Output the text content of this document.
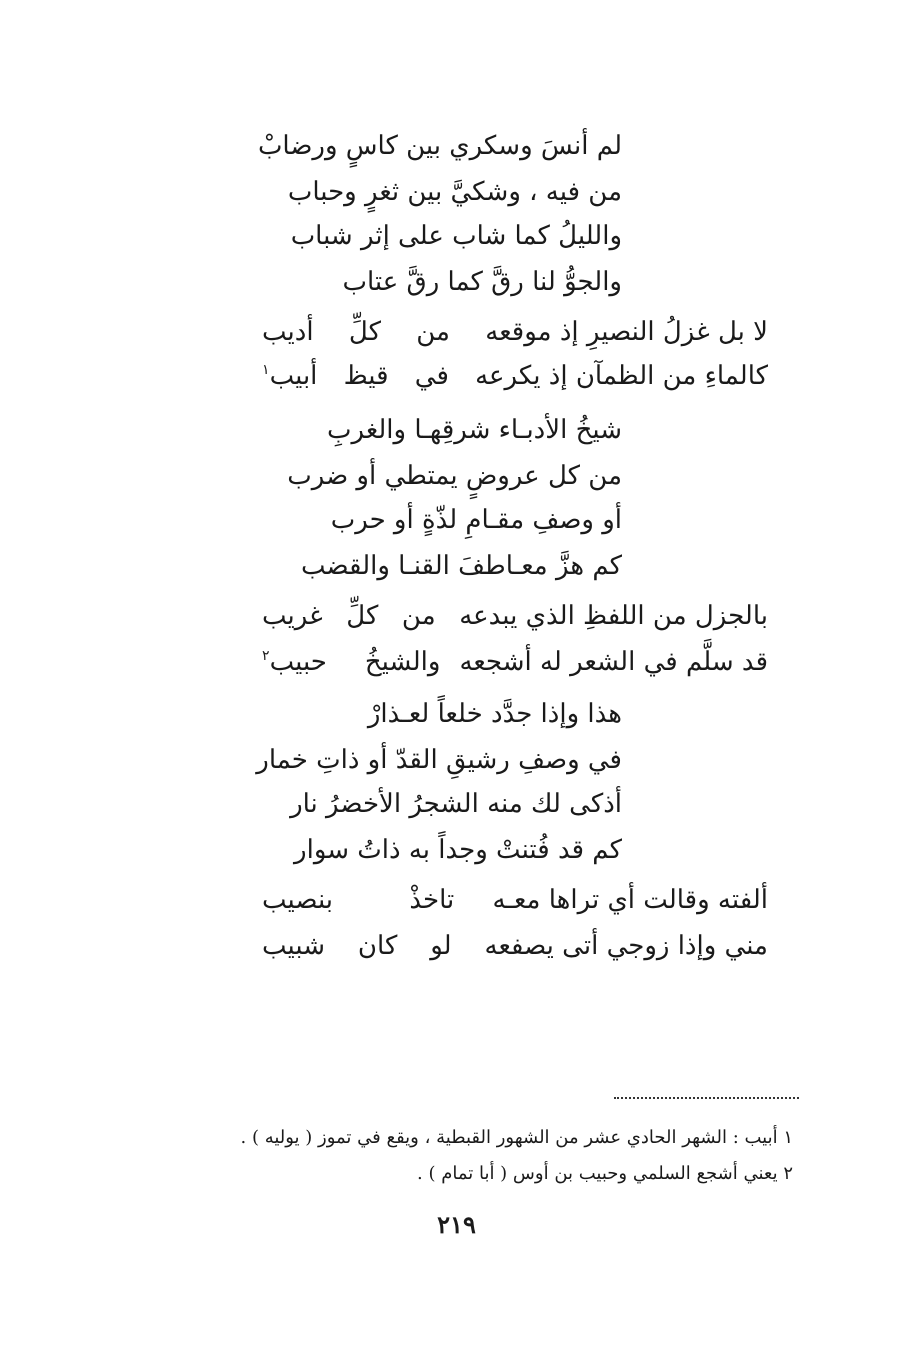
لم أنسَ وسكري بين كاسٍ ورضابْ
من فيه ، وشكيَّ بين ثغرٍ وحباب
والليلُ كما شاب على إثر شباب
والجوُّ لنا رقَّ كما رقَّ عتاب
لا بل غزلُ النصيرِ إذ موقعه
من
كلِّ
أديب
كالماءِ من الظمآن إذ يكرعه
في
قيظ
أبيب١
شيخُ الأدبـاء شرقِهـا والغربِ
من كل عروضٍ يمتطي أو ضرب
أو وصفِ مقـامِ لذّةٍ أو حرب
كم هزَّ معـاطفَ القنـا والقضب
بالجزل من اللفظِ الذي يبدعه
من
كلِّ
غريب
قد سلَّم في الشعر له أشجعه
والشيخُ
حبيب٢
هذا وإذا جدَّد خلعاً لعـذارْ
في وصفِ رشيقِ القدّ أو ذاتِ خمار
أذكى لك منه الشجرُ الأخضرُ نار
كم قد فُتنتْ وجداً به ذاتُ سوار
ألفته وقالت أي تراها معـه
تاخذْ
بنصيب
مني وإذا زوجي أتى يصفعه
لو
كان
شبيب
١ أبيب : الشهر الحادي عشر من الشهور القبطية ، ويقع في تموز ( يوليه ) .
٢ يعني أشجع السلمي وحبيب بن أوس ( أبا تمام ) .
٢١٩
